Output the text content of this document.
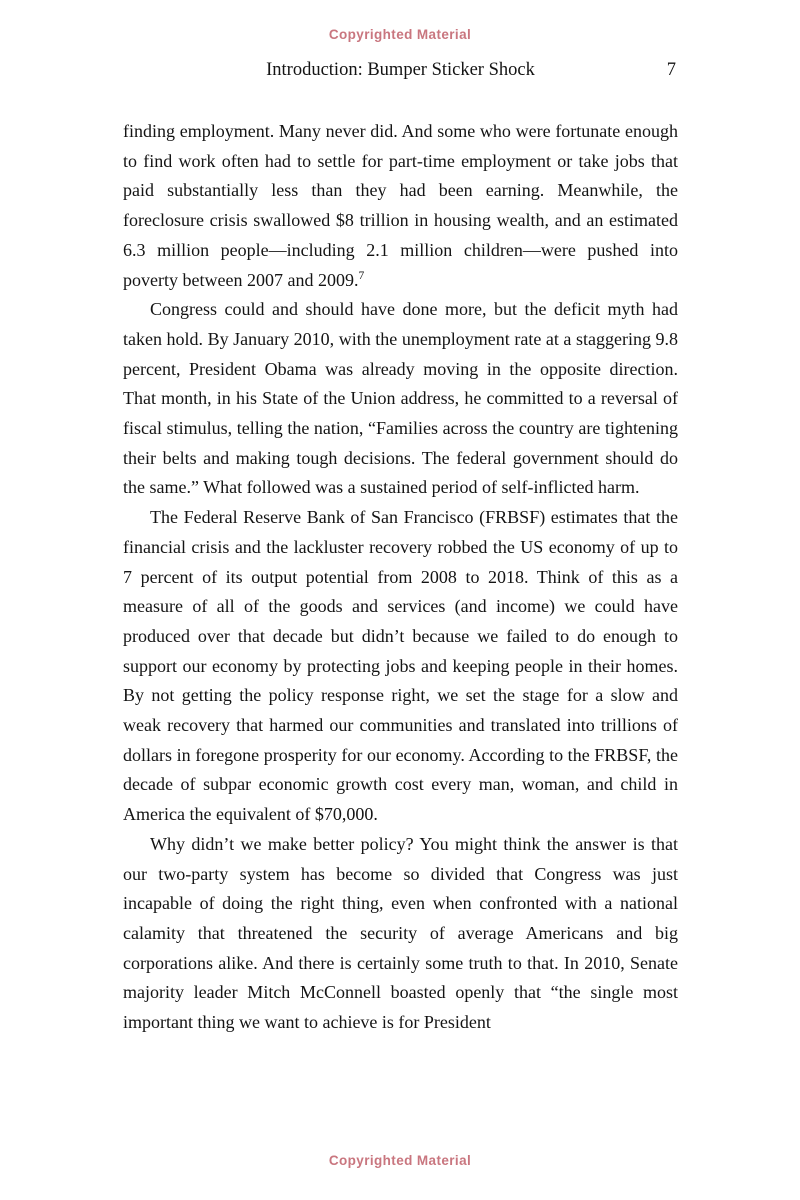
Copyrighted Material
Introduction: Bumper Sticker Shock	7

finding employment. Many never did. And some who were fortunate enough to find work often had to settle for part-time employment or take jobs that paid substantially less than they had been earning. Meanwhile, the foreclosure crisis swallowed $8 trillion in housing wealth, and an estimated 6.3 million people—including 2.1 million children—were pushed into poverty between 2007 and 2009.$^7$

Congress could and should have done more, but the deficit myth had taken hold. By January 2010, with the unemployment rate at a staggering 9.8 percent, President Obama was already moving in the opposite direction. That month, in his State of the Union address, he committed to a reversal of fiscal stimulus, telling the nation, “Families across the country are tightening their belts and making tough decisions. The federal government should do the same.” What followed was a sustained period of self-inflicted harm.

The Federal Reserve Bank of San Francisco (FRBSF) estimates that the financial crisis and the lackluster recovery robbed the US economy of up to 7 percent of its output potential from 2008 to 2018. Think of this as a measure of all of the goods and services (and income) we could have produced over that decade but didn’t because we failed to do enough to support our economy by protecting jobs and keeping people in their homes. By not getting the policy response right, we set the stage for a slow and weak recovery that harmed our communities and translated into trillions of dollars in foregone prosperity for our economy. According to the FRBSF, the decade of subpar economic growth cost every man, woman, and child in America the equivalent of $70,000.

Why didn’t we make better policy? You might think the answer is that our two-party system has become so divided that Congress was just incapable of doing the right thing, even when confronted with a national calamity that threatened the security of average Americans and big corporations alike. And there is certainly some truth to that. In 2010, Senate majority leader Mitch McConnell boasted openly that “the single most important thing we want to achieve is for President

Copyrighted Material
